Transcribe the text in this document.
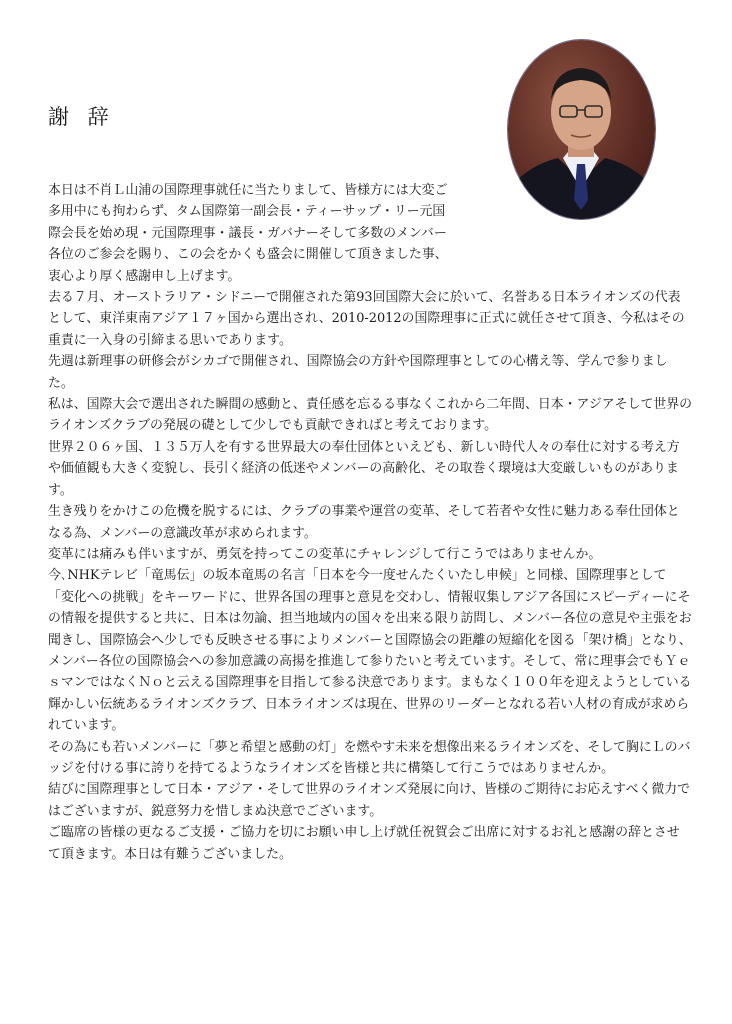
謝 辞

本日は不肖Ｌ山浦の国際理事就任に当たりまして、皆様方には大変ご多用中にも拘わらず、タム国際第一副会長・ティーサップ・リー元国際会長を始め現・元国際理事・議長・ガバナーそして多数のメンバー各位のご参会を賜り、この会をかくも盛会に開催して頂きました事、衷心より厚く感謝申し上げます。

去る７月、オーストラリア・シドニーで開催された第93回国際大会に於いて、名誉ある日本ライオンズの代表として、東洋東南アジア１７ヶ国から選出され、2010-2012の国際理事に正式に就任させて頂き、今私はその重責に一入身の引締まる思いであります。

先週は新理事の研修会がシカゴで開催され、国際協会の方針や国際理事としての心構え等、学んで参りました。

私は、国際大会で選出された瞬間の感動と、責任感を忘るる事なくこれから二年間、日本・アジアそして世界のライオンズクラブの発展の礎として少しでも貢献できればと考えております。

世界２０６ヶ国、１３５万人を有する世界最大の奉仕団体といえども、新しい時代人々の奉仕に対する考え方や価値観も大きく変貌し、長引く経済の低迷やメンバーの高齢化、その取巻く環境は大変厳しいものがあります。

生き残りをかけこの危機を脱するには、クラブの事業や運営の変革、そして若者や女性に魅力ある奉仕団体となる為、メンバーの意識改革が求められます。

変革には痛みも伴いますが、勇気を持ってこの変革にチャレンジして行こうではありませんか。

今､NHKテレビ「竜馬伝」の坂本竜馬の名言「日本を今一度せんたくいたし申候」と同様、国際理事として「変化への挑戦」をキーワードに、世界各国の理事と意見を交わし、情報収集しアジア各国にスピーディーにその情報を提供すると共に、日本は勿論、担当地域内の国々を出来る限り訪問し、メンバー各位の意見や主張をお聞きし、国際協会へ少しでも反映させる事によりメンバーと国際協会の距離の短縮化を図る「架け橋」となり、メンバー各位の国際協会への参加意識の高揚を推進して参りたいと考えています。そして、常に理事会でもＹｅｓマンではなくＮｏと云える国際理事を目指して参る決意であります。まもなく１００年を迎えようとしている輝かしい伝統あるライオンズクラブ、日本ライオンズは現在、世界のリーダーとなれる若い人材の育成が求められています。

その為にも若いメンバーに「夢と希望と感動の灯」を燃やす未来を想像出来るライオンズを、そして胸にＬのバッジを付ける事に誇りを持てるようなライオンズを皆様と共に構築して行こうではありませんか。

結びに国際理事として日本・アジア・そして世界のライオンズ発展に向け、皆様のご期待にお応えすべく微力ではございますが、鋭意努力を惜しまぬ決意でございます。

ご臨席の皆様の更なるご支援・ご協力を切にお願い申し上げ就任祝賀会ご出席に対するお礼と感謝の辞とさせて頂きます。本日は有難うございました。
